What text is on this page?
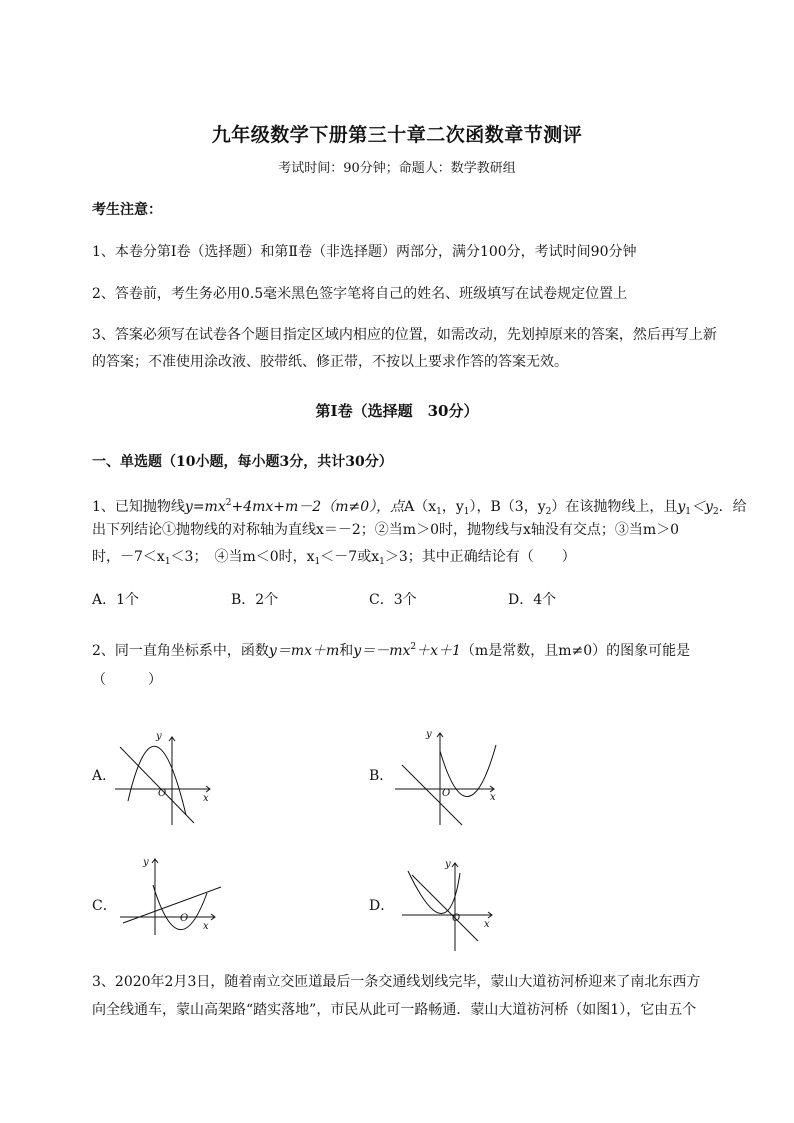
九年级数学下册第三十章二次函数章节测评
考试时间：90分钟；命题人：数学教研组
考生注意：
1、本卷分第I卷（选择题）和第Ⅱ卷（非选择题）两部分，满分100分，考试时间90分钟
2、答卷前，考生务必用0.5毫米黑色签字笔将自己的姓名、班级填写在试卷规定位置上
3、答案必须写在试卷各个题目指定区域内相应的位置，如需改动，先划掉原来的答案，然后再写上新
的答案；不准使用涂改液、胶带纸、修正带，不按以上要求作答的答案无效。
第I卷（选择题　30分）
一、单选题（10小题，每小题3分，共计30分）
1、已知抛物线$y=mx^2+4mx+m-2(m\ne 0)$，点$A(x_1$，$y_1$），B（3，$y_2$）在该抛物线上，且$y_1<y_2$．给
出下列结论①抛物线的对称轴为直线x＝－2；②当m＞0时，抛物线与x轴没有交点；③当m＞0
时，$-7<x_1<3$；　④当m＜0时，$x_1<-7$或$x_1>3$；其中正确结论有（　　）
A．1个	B．2个	C．3个	D．4个
2、同一直角坐标系中，函数y＝mx＋m和$y=-mx^2+x+1(m$是常数，且m≠0）的图象可能是
（　　　）
A．
y
x
O
B．
y
x
O
C．
y
x
O
D．
y
x
O
3、2020年2月3日，随着南立交匝道最后一条交通线划线完毕，蒙山大道祊河桥迎来了南北东西方
向全线通车，蒙山高架路“踏实落地”，市民从此可一路畅通．蒙山大道祊河桥（如图1），它由五个
